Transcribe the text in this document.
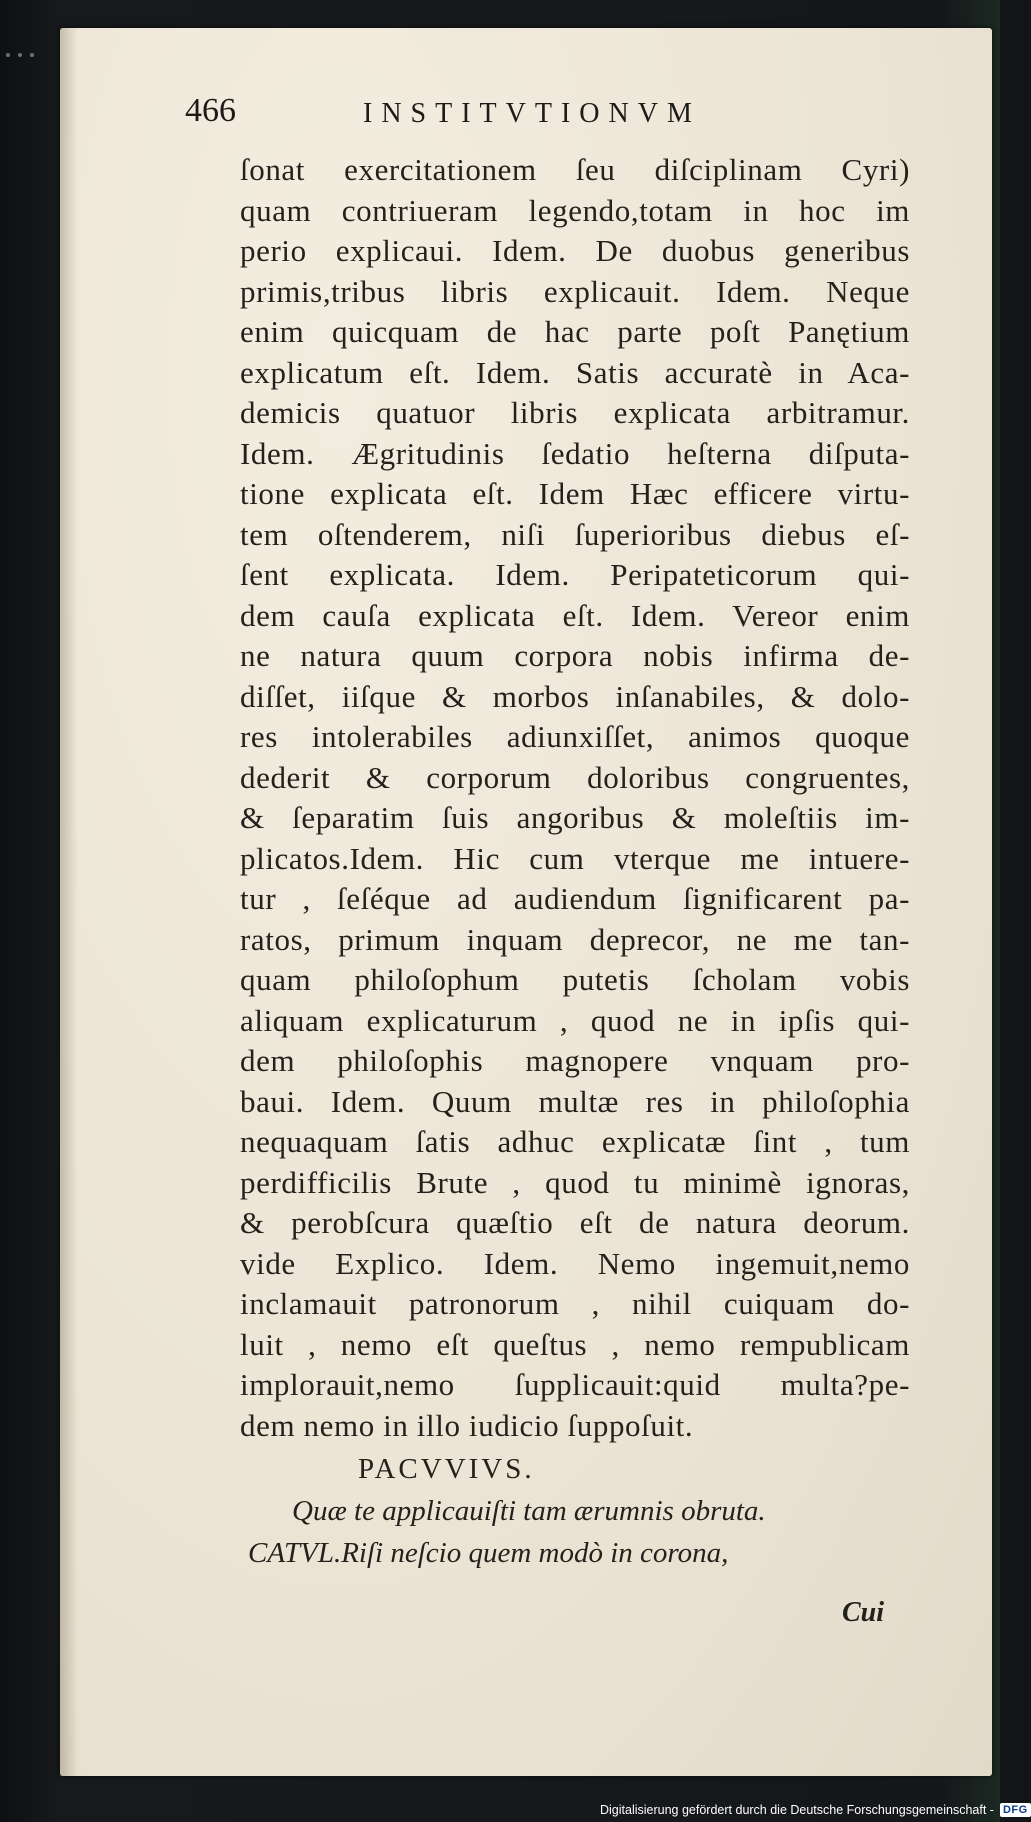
466	INSTITVTIONVM
ſonat exercitationem ſeu diſciplinam Cyri)
quam contriueram legendo,totam in hoc im
perio explicaui. Idem. De duobus generibus
primis,tribus libris explicauit. Idem. Neque
enim quicquam de hac parte poſt Panętium
explicatum eſt. Idem. Satis accuratè in Aca-
demicis quatuor libris explicata arbitramur.
Idem. Ægritudinis ſedatio heſterna diſputa-
tione explicata eſt. Idem Hæc efficere virtu-
tem oſtenderem, niſi ſuperioribus diebus eſ-
ſent explicata. Idem. Peripateticorum qui-
dem cauſa explicata eſt. Idem. Vereor enim
ne natura quum corpora nobis infirma de-
diſſet, iiſque & morbos inſanabiles, & dolo-
res intolerabiles adiunxiſſet, animos quoque
dederit & corporum doloribus congruentes,
& ſeparatim ſuis angoribus & moleſtiis im-
plicatos.Idem. Hic cum vterque me intuere-
tur , ſeſéque ad audiendum ſignificarent pa-
ratos, primum inquam deprecor, ne me tan-
quam philoſophum putetis ſcholam vobis
aliquam explicaturum , quod ne in ipſis qui-
dem philoſophis magnopere vnquam pro-
baui. Idem. Quum multæ res in philoſophia
nequaquam ſatis adhuc explicatæ ſint , tum
perdifficilis Brute , quod tu minimè ignoras,
& perobſcura quæſtio eſt de natura deorum.
vide Explico. Idem. Nemo ingemuit,nemo
inclamauit patronorum , nihil cuiquam do-
luit , nemo eſt queſtus , nemo rempublicam
implorauit,nemo ſupplicauit:quid multa?pe-
dem nemo in illo iudicio ſuppoſuit.
PACVVIVS.
Quæ te applicauiſti tam ærumnis obruta.
CATVL.Riſi neſcio quem modò in corona,
Cui
Digitalisierung gefördert durch die Deutsche Forschungsgemeinschaft - DFG
